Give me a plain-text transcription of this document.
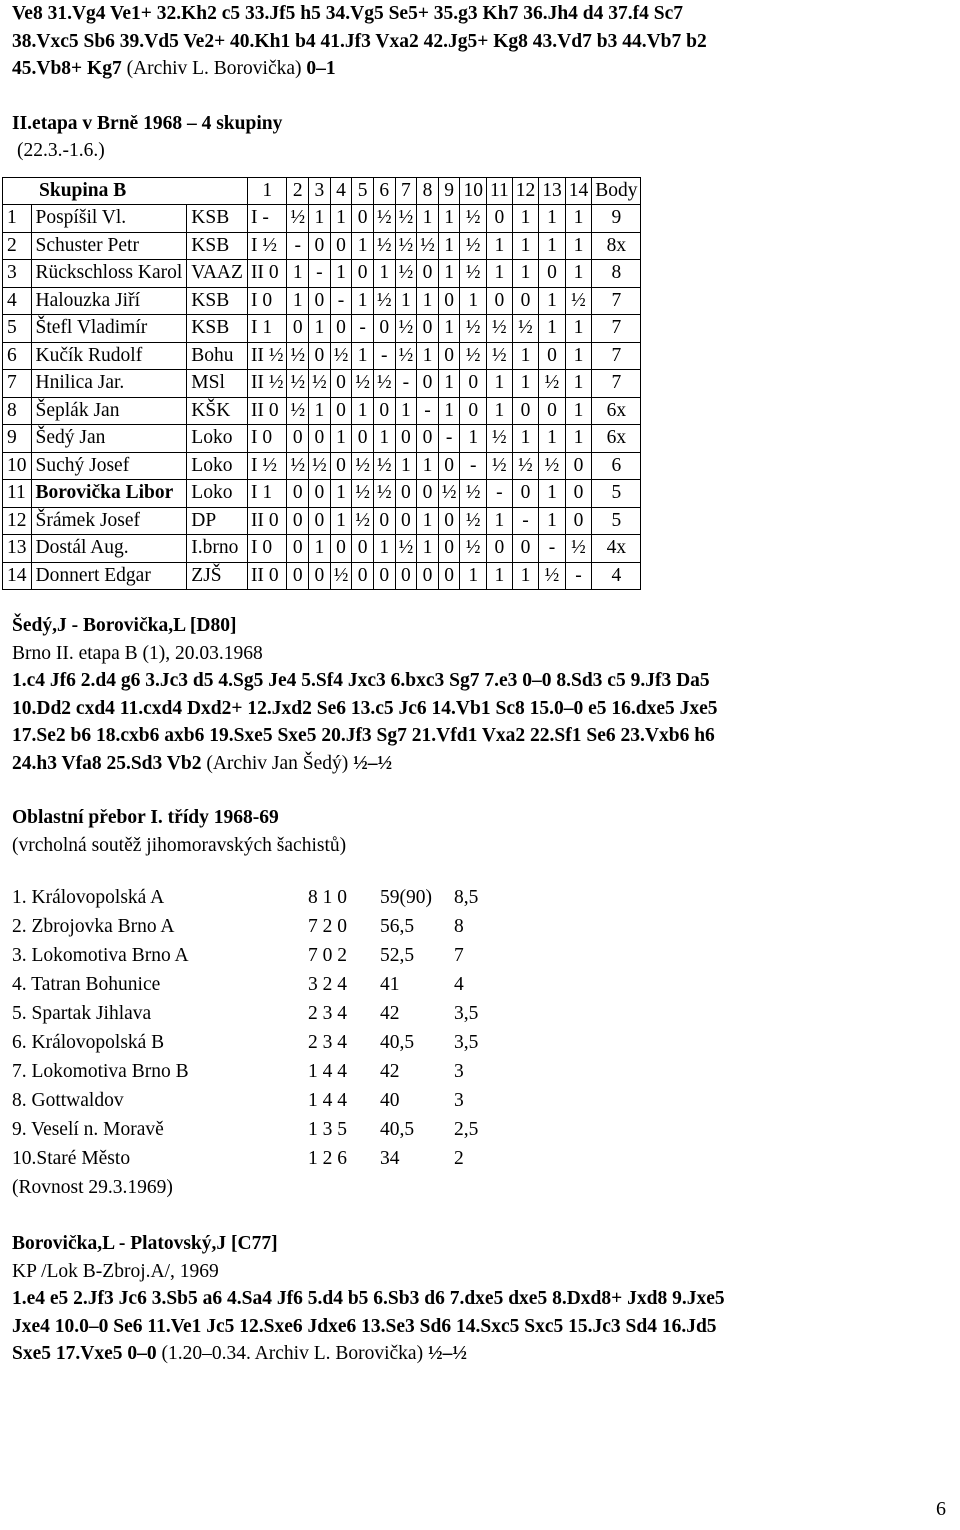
Ve8 31.Vg4 Ve1+ 32.Kh2 c5 33.Jf5 h5 34.Vg5 Se5+ 35.g3 Kh7 36.Jh4 d4 37.f4 Sc7

38.Vxc5 Sb6 39.Vd5 Ve2+ 40.Kh1 b4 41.Jf3 Vxa2 42.Jg5+ Kg8 43.Vd7 b3 44.Vb7 b2

45.Vb8+ Kg7 (Archiv L. Borovička) 0–1

II.etapa v Brně 1968 – 4 skupiny

(22.3.-1.6.)

Skupina B			1	2	3	4	5	6	7	8	9	10	11	12	13	14	Body
1	Pospíšil Vl.	KSB	I -	½	1	1	0	½	½	1	1	½	0	1	1	1	9
2	Schuster Petr	KSB	I ½	-	0	0	1	½	½	½	1	½	1	1	1	1	8x
3	Rückschloss Karol	VAAZ	II 0	1	-	1	0	1	½	0	1	½	1	1	0	1	8
4	Halouzka Jiří	KSB	I 0	1	0	-	1	½	1	1	0	1	0	0	1	½	7
5	Štefl Vladimír	KSB	I 1	0	1	0	-	0	½	0	1	½	½	½	1	1	7
6	Kučík Rudolf	Bohu	II ½	½	0	½	1	-	½	1	0	½	½	1	0	1	7
7	Hnilica Jar.	MSl	II ½	½	½	0	½	½	-	0	1	0	1	1	½	1	7
8	Šeplák Jan	KŠK	II 0	½	1	0	1	0	1	-	1	0	1	0	0	1	6x
9	Šedý Jan	Loko	I 0	0	0	1	0	1	0	0	-	1	½	1	1	1	6x
10	Suchý Josef	Loko	I ½	½	½	0	½	½	1	1	0	-	½	½	½	0	6
11	Borovička Libor	Loko	I 1	0	0	1	½	½	0	0	½	½	-	0	1	0	5
12	Šrámek Josef	DP	II 0	0	0	1	½	0	0	1	0	½	1	-	1	0	5
13	Dostál Aug.	I.brno	I 0	0	1	0	0	1	½	1	0	½	0	0	-	½	4x
14	Donnert Edgar	ZJŠ	II 0	0	0	½	0	0	0	0	0	1	1	1	½	-	4

Šedý,J - Borovička,L [D80]

Brno II. etapa B (1), 20.03.1968

1.c4 Jf6 2.d4 g6 3.Jc3 d5 4.Sg5 Je4 5.Sf4 Jxc3 6.bxc3 Sg7 7.e3 0–0 8.Sd3 c5 9.Jf3 Da5

10.Dd2 cxd4 11.cxd4 Dxd2+ 12.Jxd2 Se6 13.c5 Jc6 14.Vb1 Sc8 15.0–0 e5 16.dxe5 Jxe5

17.Se2 b6 18.cxb6 axb6 19.Sxe5 Sxe5 20.Jf3 Sg7 21.Vfd1 Vxa2 22.Sf1 Se6 23.Vxb6 h6

24.h3 Vfa8 25.Sd3 Vb2 (Archiv Jan Šedý) ½–½

Oblastní přebor I. třídy 1968-69

(vrcholná soutěž jihomoravských šachistů)

1. Královopolská A	8 1 0	59(90)	8,5
2. Zbrojovka Brno A	7 2 0	56,5	8
3. Lokomotiva Brno A	7 0 2	52,5	7
4. Tatran Bohunice	3 2 4	41	4
5. Spartak Jihlava	2 3 4	42	3,5
6. Královopolská B	2 3 4	40,5	3,5
7. Lokomotiva Brno B	1 4 4	42	3
8. Gottwaldov	1 4 4	40	3
9. Veselí n. Moravě	1 3 5	40,5	2,5
10.Staré Město	1 2 6	34	2

(Rovnost 29.3.1969)

Borovička,L - Platovský,J [C77]

KP /Lok B-Zbroj.A/, 1969

1.e4 e5 2.Jf3 Jc6 3.Sb5 a6 4.Sa4 Jf6 5.d4 b5 6.Sb3 d6 7.dxe5 dxe5 8.Dxd8+ Jxd8 9.Jxe5

Jxe4 10.0–0 Se6 11.Ve1 Jc5 12.Sxe6 Jdxe6 13.Se3 Sd6 14.Sxc5 Sxc5 15.Jc3 Sd4 16.Jd5

Sxe5 17.Vxe5 0–0 (1.20–0.34. Archiv L. Borovička) ½–½

6
